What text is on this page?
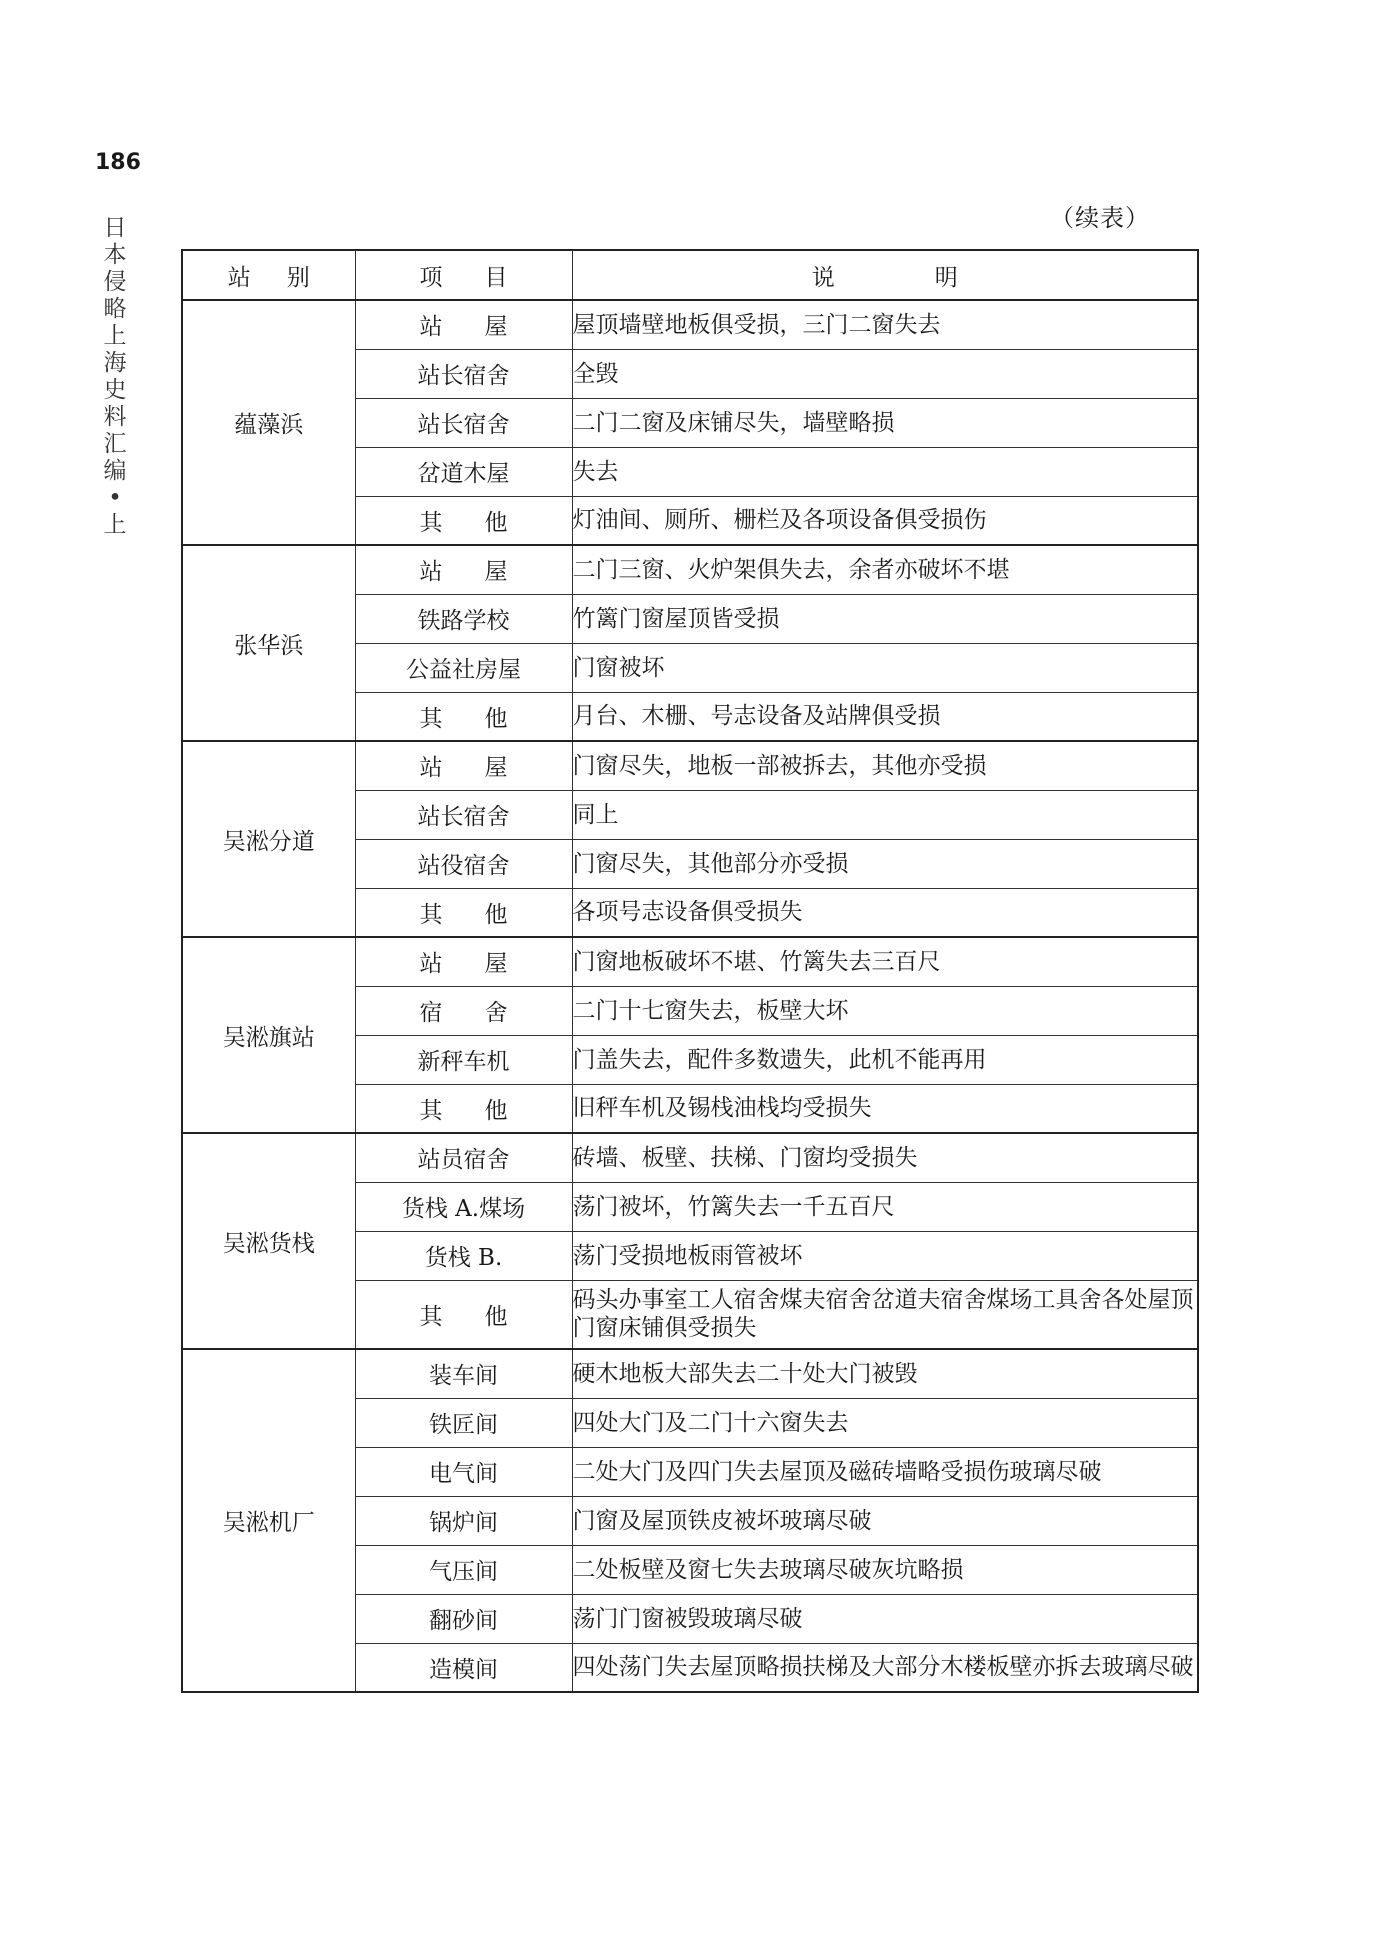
186
日
本
侵
略
上
海
史
料
汇
编
•
上
（续表）
站别	项目	说明
蕴藻浜	站屋	屋顶墙壁地板俱受损，三门二窗失去
	站长宿舍	全毁
	站长宿舍	二门二窗及床铺尽失，墙壁略损
	岔道木屋	失去
	其他	灯油间、厕所、栅栏及各项设备俱受损伤
张华浜	站屋	二门三窗、火炉架俱失去，余者亦破坏不堪
	铁路学校	竹篱门窗屋顶皆受损
	公益社房屋	门窗被坏
	其他	月台、木栅、号志设备及站牌俱受损
吴淞分道	站屋	门窗尽失，地板一部被拆去，其他亦受损
	站长宿舍	同上
	站役宿舍	门窗尽失，其他部分亦受损
	其他	各项号志设备俱受损失
吴淞旗站	站屋	门窗地板破坏不堪、竹篱失去三百尺
	宿舍	二门十七窗失去，板壁大坏
	新秤车机	门盖失去，配件多数遗失，此机不能再用
	其他	旧秤车机及锡栈油栈均受损失
吴淞货栈	站员宿舍	砖墙、板壁、扶梯、门窗均受损失
	货栈 A.煤场	荡门被坏，竹篱失去一千五百尺
	货栈 B.	荡门受损地板雨管被坏
	其他	码头办事室工人宿舍煤夫宿舍岔道夫宿舍煤场工具舍各处屋顶门窗床铺俱受损失
吴淞机厂	装车间	硬木地板大部失去二十处大门被毁
	铁匠间	四处大门及二门十六窗失去
	电气间	二处大门及四门失去屋顶及磁砖墙略受损伤玻璃尽破
	锅炉间	门窗及屋顶铁皮被坏玻璃尽破
	气压间	二处板壁及窗七失去玻璃尽破灰坑略损
	翻砂间	荡门门窗被毁玻璃尽破
	造模间	四处荡门失去屋顶略损扶梯及大部分木楼板壁亦拆去玻璃尽破
